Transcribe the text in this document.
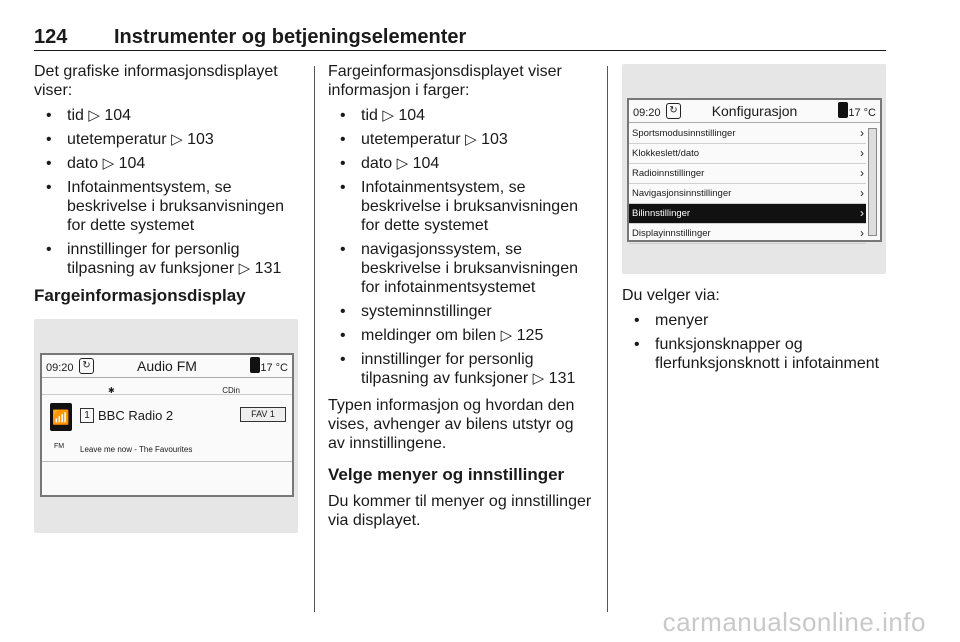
124 Instrumenter og betjeningselementer

Det grafiske informasjonsdisplayet viser:

• tid ▷ 104
• utetemperatur ▷ 103
• dato ▷ 104
• Infotainmentsystem, se beskrivelse i bruksanvisningen for dette systemet
• innstillinger for personlig tilpasning av funksjoner ▷ 131
Fargeinformasjonsdisplay
09:20 ↻	Audio FM	17 °C
✱	CDin
📶
FM
1 BBC Radio 2	FAV 1
Leave me now - The Favourites

Fargeinformasjonsdisplayet viser informasjon i farger:

• tid ▷ 104
• utetemperatur ▷ 103
• dato ▷ 104
• Infotainmentsystem, se beskrivelse i bruksanvisningen for dette systemet
• navigasjonssystem, se beskrivelse i bruksanvisningen for infotainmentsystemet
• systeminnstillinger
• meldinger om bilen ▷ 125
• innstillinger for personlig tilpasning av funksjoner ▷ 131

Typen informasjon og hvordan den vises, avhenger av bilens utstyr og av innstillingene.

Velge menyer og innstillinger

Du kommer til menyer og innstillinger via displayet.

09:20 ↻	Konfigurasjon	17 °C
Sportsmodusinnstillinger	›
Klokkeslett/dato	›
Radioinnstillinger	›
Navigasjonsinnstillinger	›
Bilinnstillinger	›
Displayinnstillinger	›

Du velger via:

• menyer
• funksjonsknapper og flerfunksjonsknott i infotainment
carmanualsonline.info
